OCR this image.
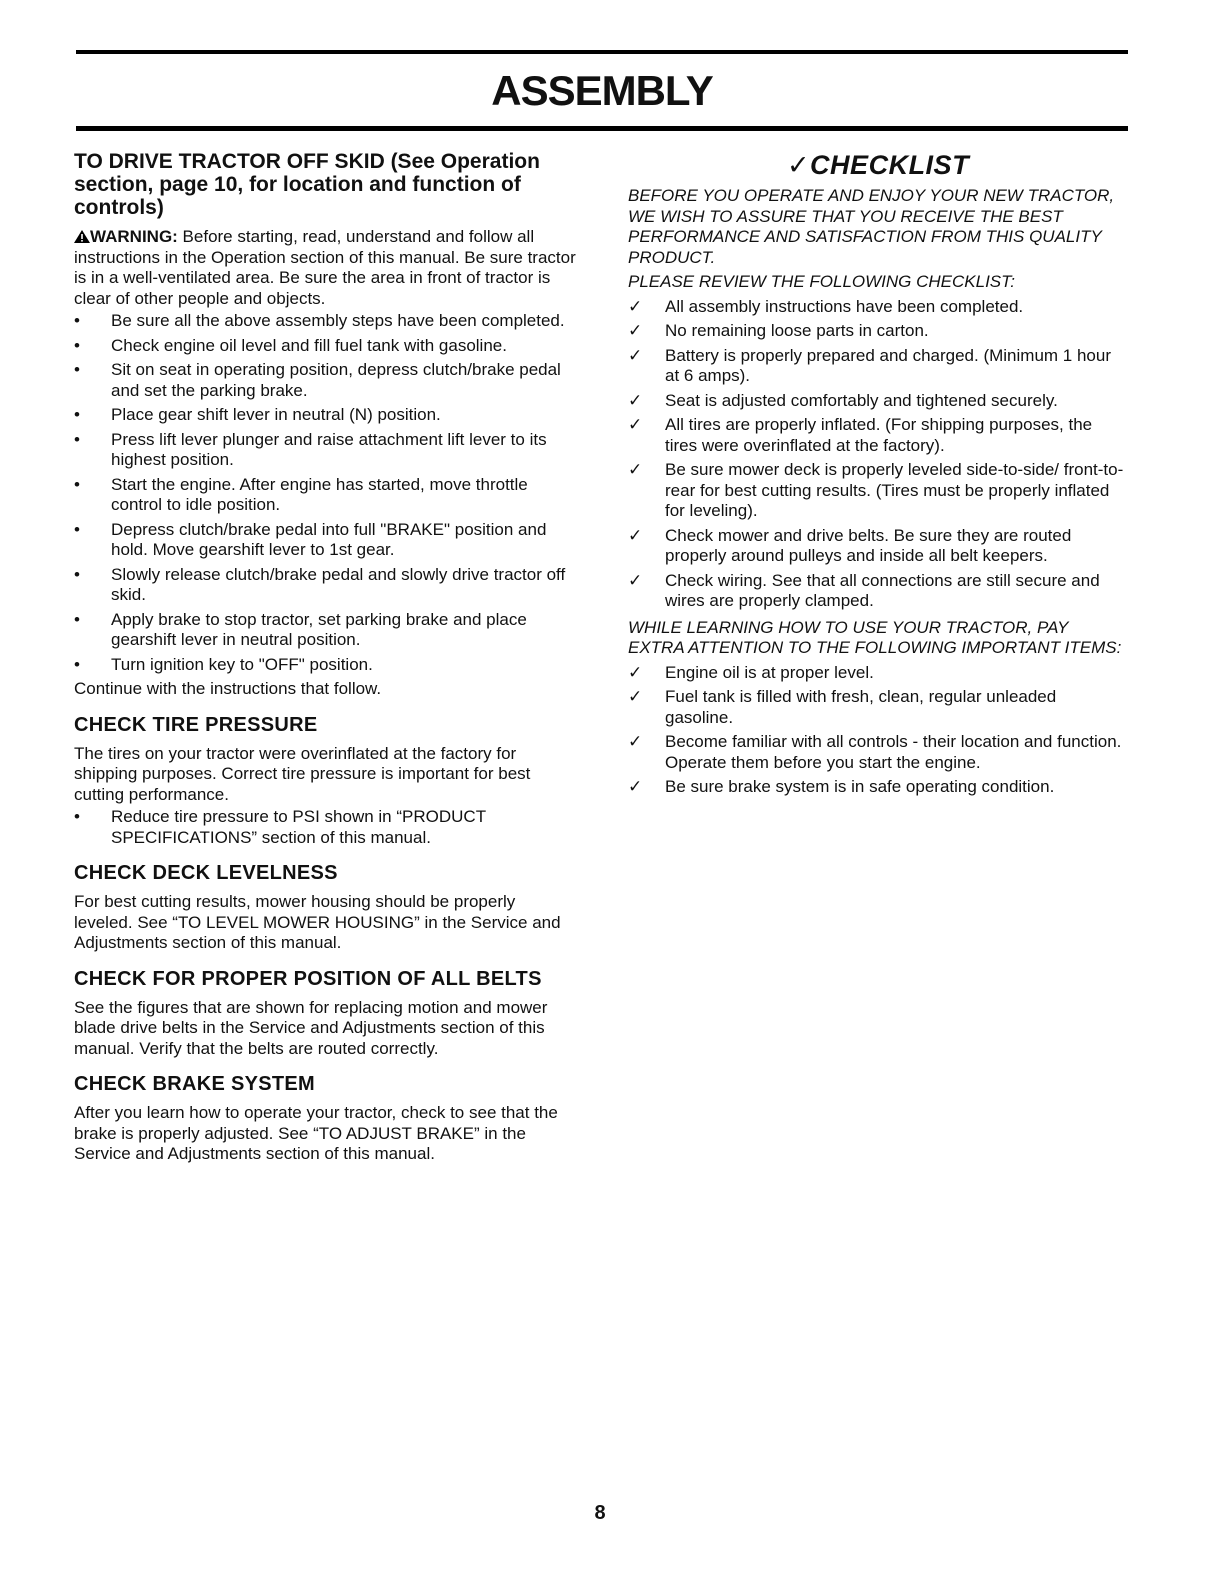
ASSEMBLY
TO DRIVE TRACTOR OFF SKID (See Operation section, page 10, for location and function of controls)

WARNING: Before starting, read, understand and follow all instructions in the Operation section of this manual. Be sure tractor is in a well-ventilated area. Be sure the area in front of tractor is clear of other people and objects.

• Be sure all the above assembly steps have been completed.
• Check engine oil level and fill fuel tank with gasoline.
• Sit on seat in operating position, depress clutch/brake pedal and set the parking brake.
• Place gear shift lever in neutral (N) position.
• Press lift lever plunger and raise attachment lift lever to its highest position.
• Start the engine. After engine has started, move throttle control to idle position.
• Depress clutch/brake pedal into full "BRAKE" position and hold. Move gearshift lever to 1st gear.
• Slowly release clutch/brake pedal and slowly drive tractor off skid.
• Apply brake to stop tractor, set parking brake and place gearshift lever in neutral position.
• Turn ignition key to "OFF" position.

Continue with the instructions that follow.

CHECK TIRE PRESSURE

The tires on your tractor were overinflated at the factory for shipping purposes. Correct tire pressure is important for best cutting performance.

• Reduce tire pressure to PSI shown in “PRODUCT SPECIFICATIONS” section of this manual.
CHECK DECK LEVELNESS

For best cutting results, mower housing should be properly leveled. See “TO LEVEL MOWER HOUSING” in the Service and Adjustments section of this manual.

CHECK FOR PROPER POSITION OF ALL BELTS

See the figures that are shown for replacing motion and mower blade drive belts in the Service and Adjustments section of this manual. Verify that the belts are routed correctly.

CHECK BRAKE SYSTEM

After you learn how to operate your tractor, check to see that the brake is properly adjusted. See “TO ADJUST BRAKE” in the Service and Adjustments section of this manual.

✓CHECKLIST

BEFORE YOU OPERATE AND ENJOY YOUR NEW TRACTOR, WE WISH TO ASSURE THAT YOU RECEIVE THE BEST PERFORMANCE AND SATISFACTION FROM THIS QUALITY PRODUCT.

PLEASE REVIEW THE FOLLOWING CHECKLIST:

✓ All assembly instructions have been completed.
✓ No remaining loose parts in carton.
✓ Battery is properly prepared and charged. (Minimum 1 hour at 6 amps).
✓ Seat is adjusted comfortably and tightened securely.
✓ All tires are properly inflated. (For shipping purposes, the tires were overinflated at the factory).
✓ Be sure mower deck is properly leveled side-to-side/ front-to-rear for best cutting results. (Tires must be properly inflated for leveling).
✓ Check mower and drive belts. Be sure they are routed properly around pulleys and inside all belt keepers.
✓ Check wiring. See that all connections are still secure and wires are properly clamped.

WHILE LEARNING HOW TO USE YOUR TRACTOR, PAY EXTRA ATTENTION TO THE FOLLOWING IMPORTANT ITEMS:

✓ Engine oil is at proper level.
✓ Fuel tank is filled with fresh, clean, regular unleaded gasoline.
✓ Become familiar with all controls - their location and function. Operate them before you start the engine.
✓ Be sure brake system is in safe operating condition.
8
